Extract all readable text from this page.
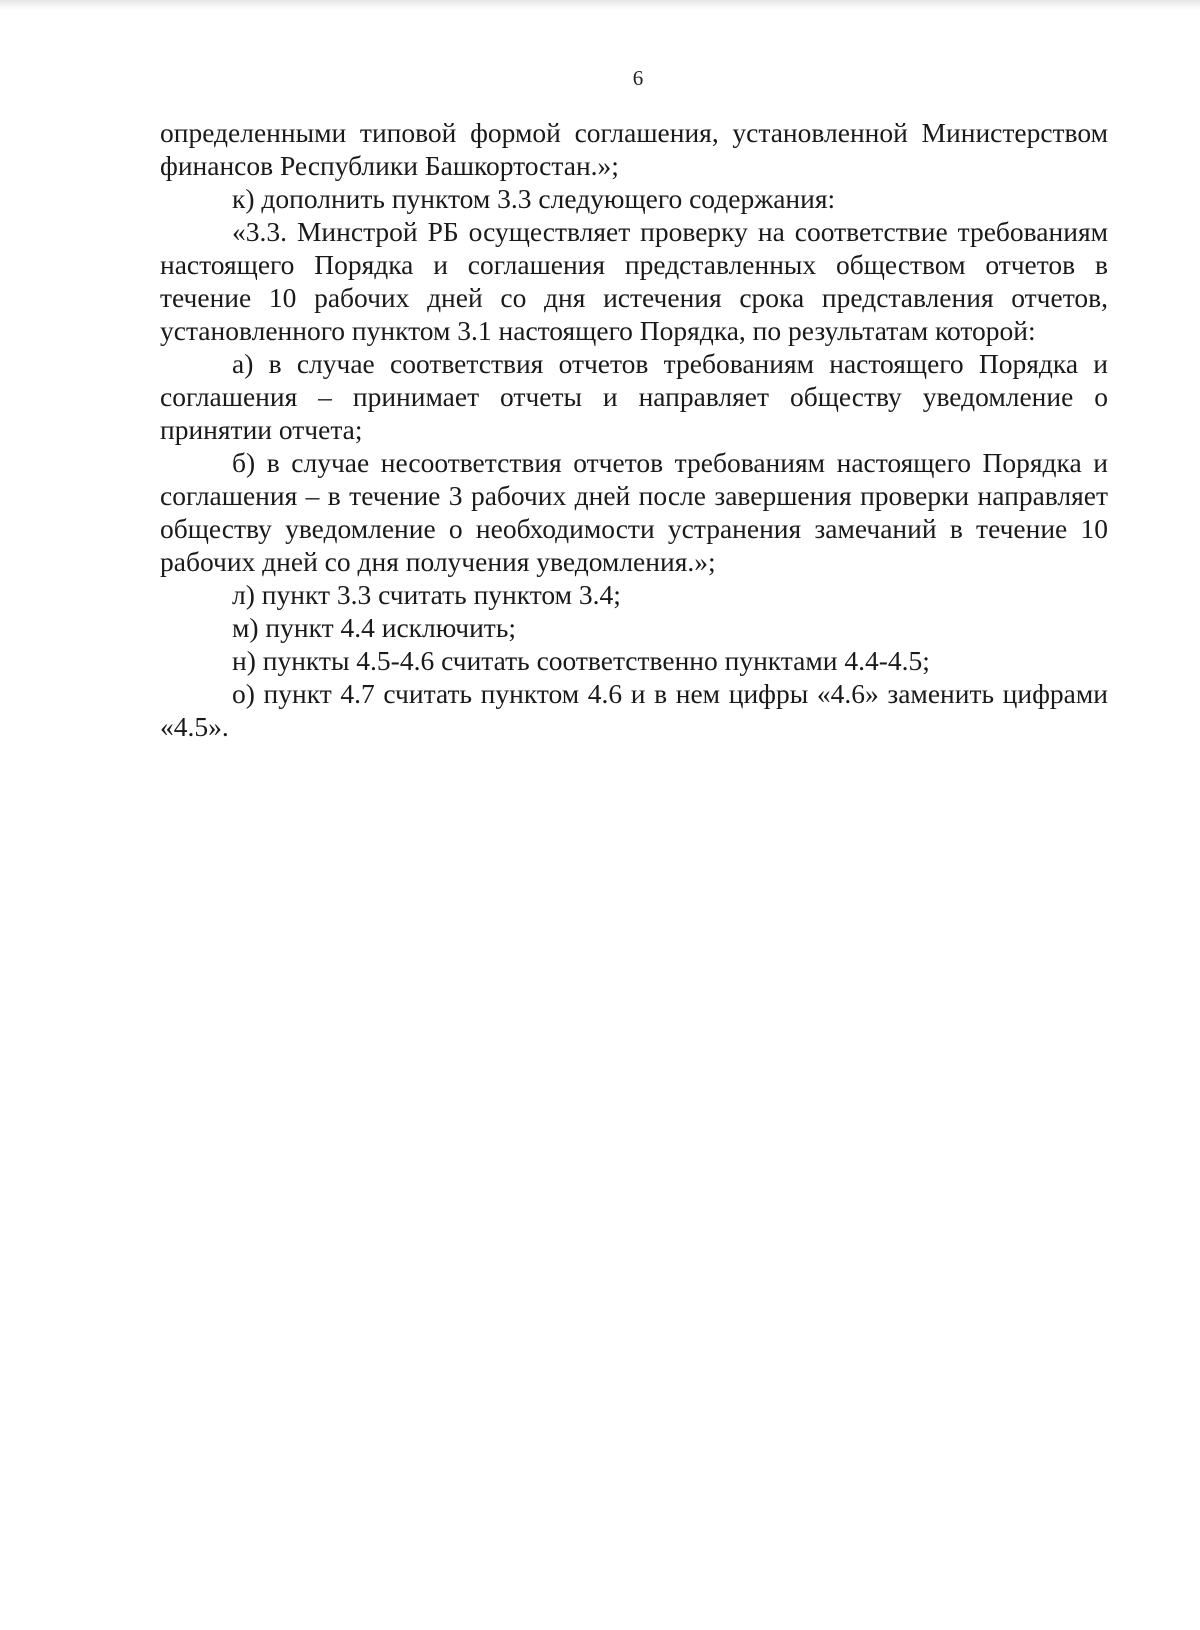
6

определенными типовой формой соглашения, установленной Министерством финансов Республики Башкортостан.»;

к) дополнить пунктом 3.3 следующего содержания:

«3.3. Минстрой РБ осуществляет проверку на соответствие требованиям настоящего Порядка и соглашения представленных обществом отчетов в течение 10 рабочих дней со дня истечения срока представления отчетов, установленного пунктом 3.1 настоящего Порядка, по результатам которой:

а) в случае соответствия отчетов требованиям настоящего Порядка и соглашения – принимает отчеты и направляет обществу уведомление о принятии отчета;

б) в случае несоответствия отчетов требованиям настоящего Порядка и соглашения – в течение 3 рабочих дней после завершения проверки направляет обществу уведомление о необходимости устранения замечаний в течение 10 рабочих дней со дня получения уведомления.»;

л) пункт 3.3 считать пунктом 3.4;

м) пункт 4.4 исключить;

н) пункты 4.5-4.6 считать соответственно пунктами 4.4-4.5;

о) пункт 4.7 считать пунктом 4.6 и в нем цифры «4.6» заменить цифрами «4.5».
